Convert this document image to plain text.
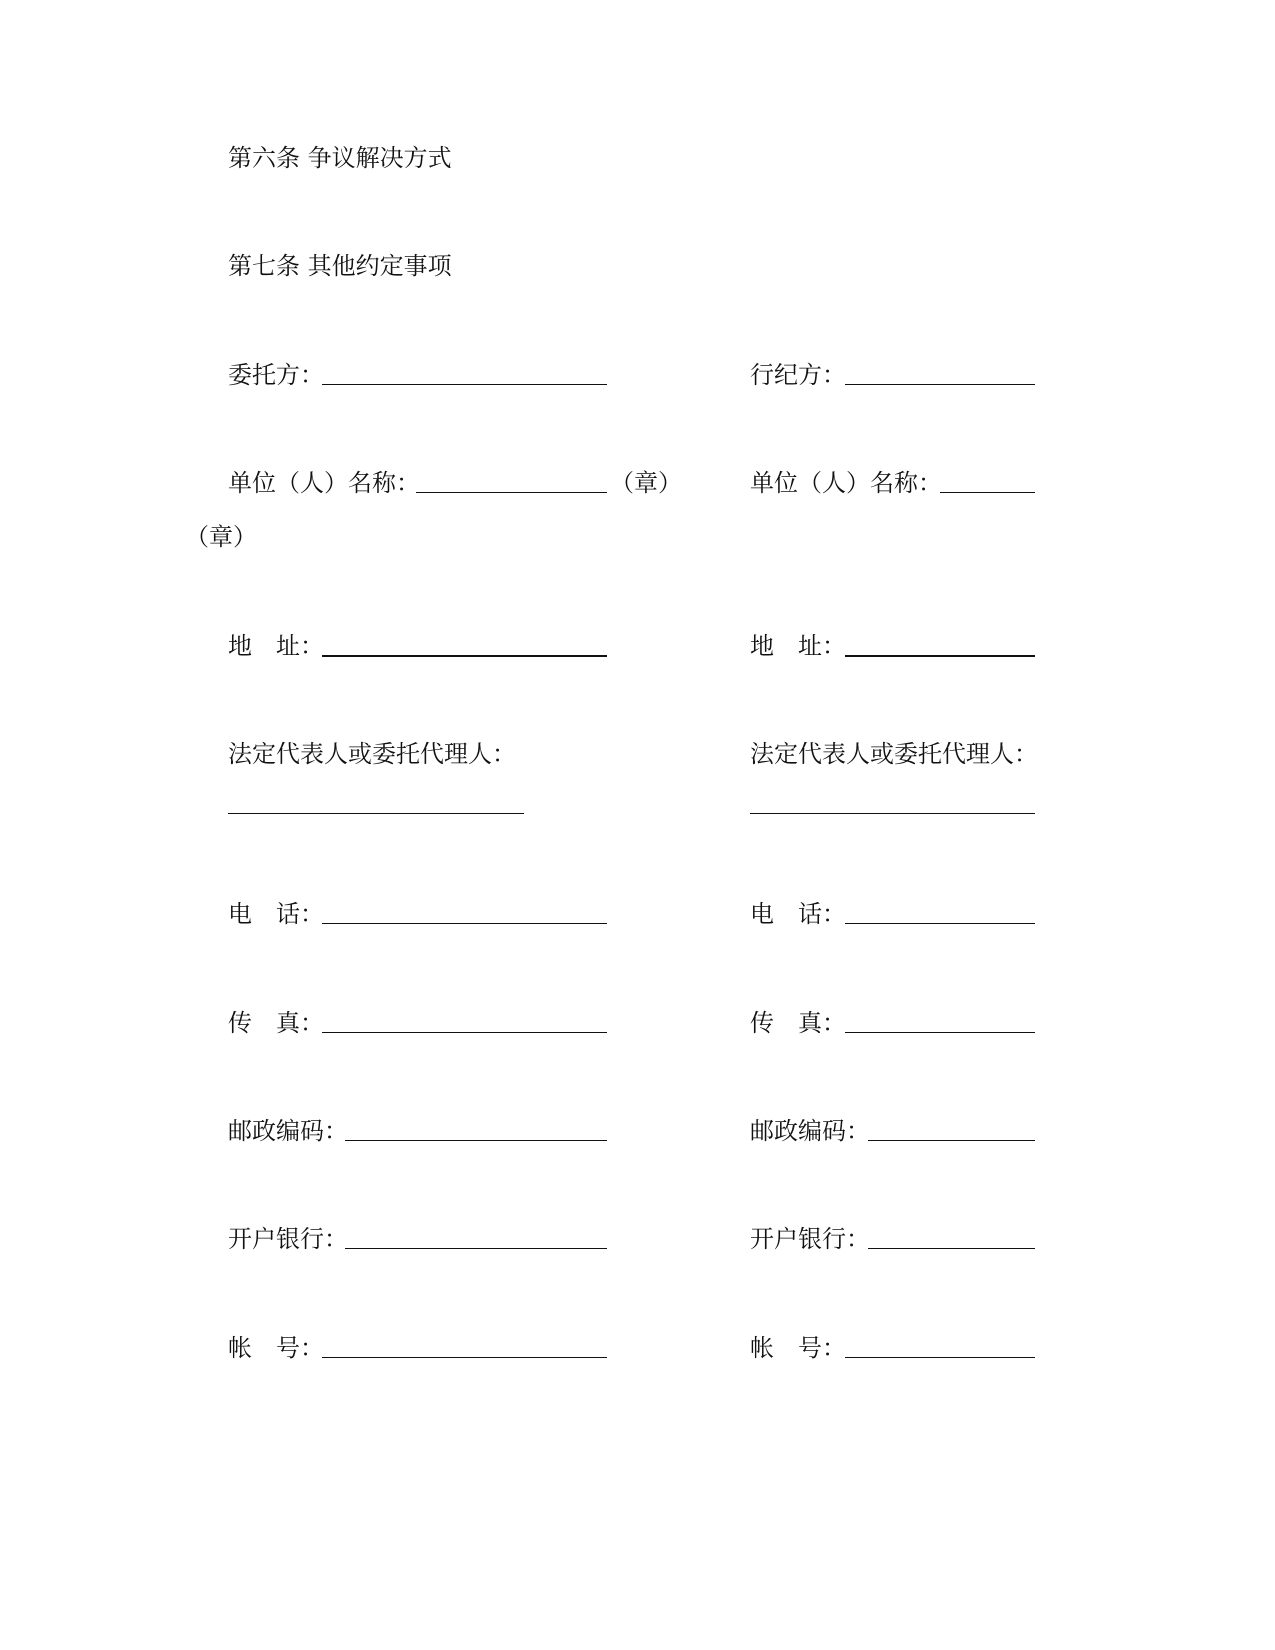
第六条 争议解决方式
第七条 其他约定事项
委托方：	行纪方：
单位（人）名称：	（章）	单位（人）名称：
（章）
地　址：	地　址：
法定代表人或委托代理人：	法定代表人或委托代理人：
电　话：	电　话：
传　真：	传　真：
邮政编码：	邮政编码：
开户银行：	开户银行：
帐　号：	帐　号：
